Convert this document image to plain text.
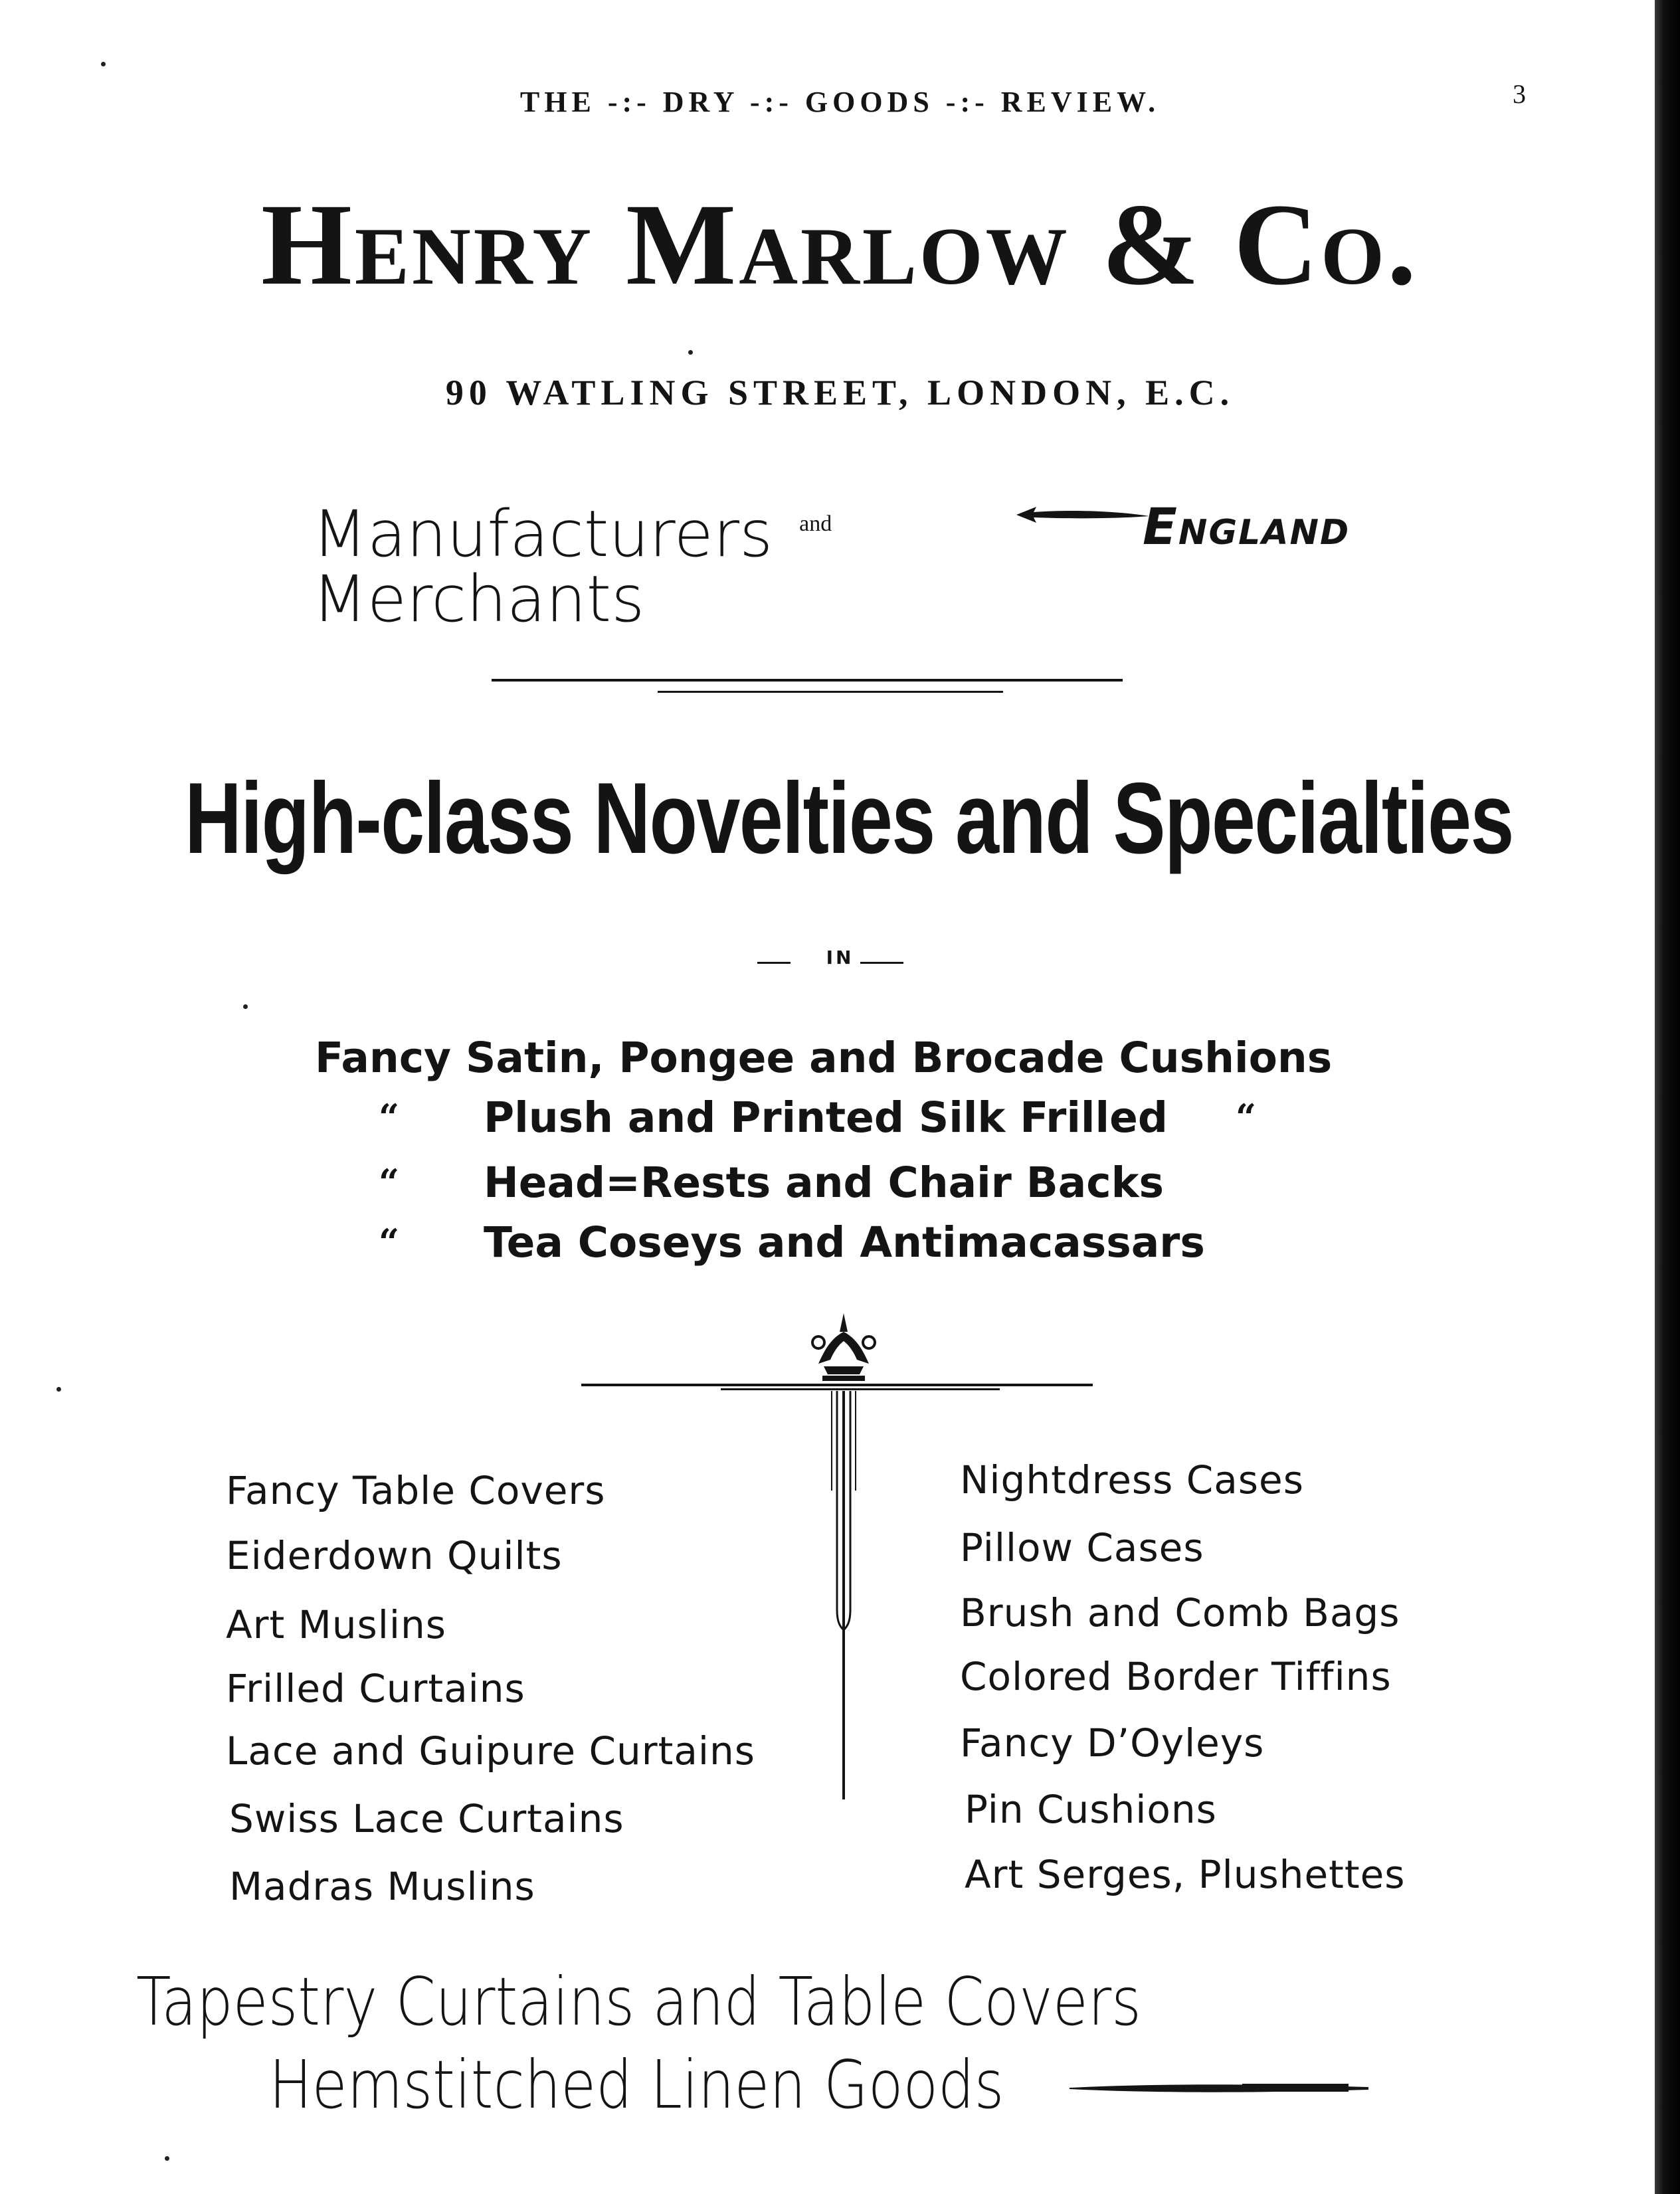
THE -:- DRY -:- GOODS -:- REVIEW.	3
Henry Marlow & Co.
90 WATLING STREET, LONDON, E.C.
Manufacturers $^{and}$
Merchants
ENGLAND
High-class Novelties and Specialties
IN
Fancy Satin, Pongee and Brocade Cushions
“ Plush and Printed Silk Frilled “
“ Head=Rests and Chair Backs
“ Tea Coseys and Antimacassars
Fancy Table Covers
Eiderdown Quilts
Art Muslins
Frilled Curtains
Lace and Guipure Curtains
Swiss Lace Curtains
Madras Muslins
Nightdress Cases
Pillow Cases
Brush and Comb Bags
Colored Border Tiffins
Fancy D’Oyleys
Pin Cushions
Art Serges, Plushettes
Tapestry Curtains and Table Covers
Hemstitched Linen Goods
